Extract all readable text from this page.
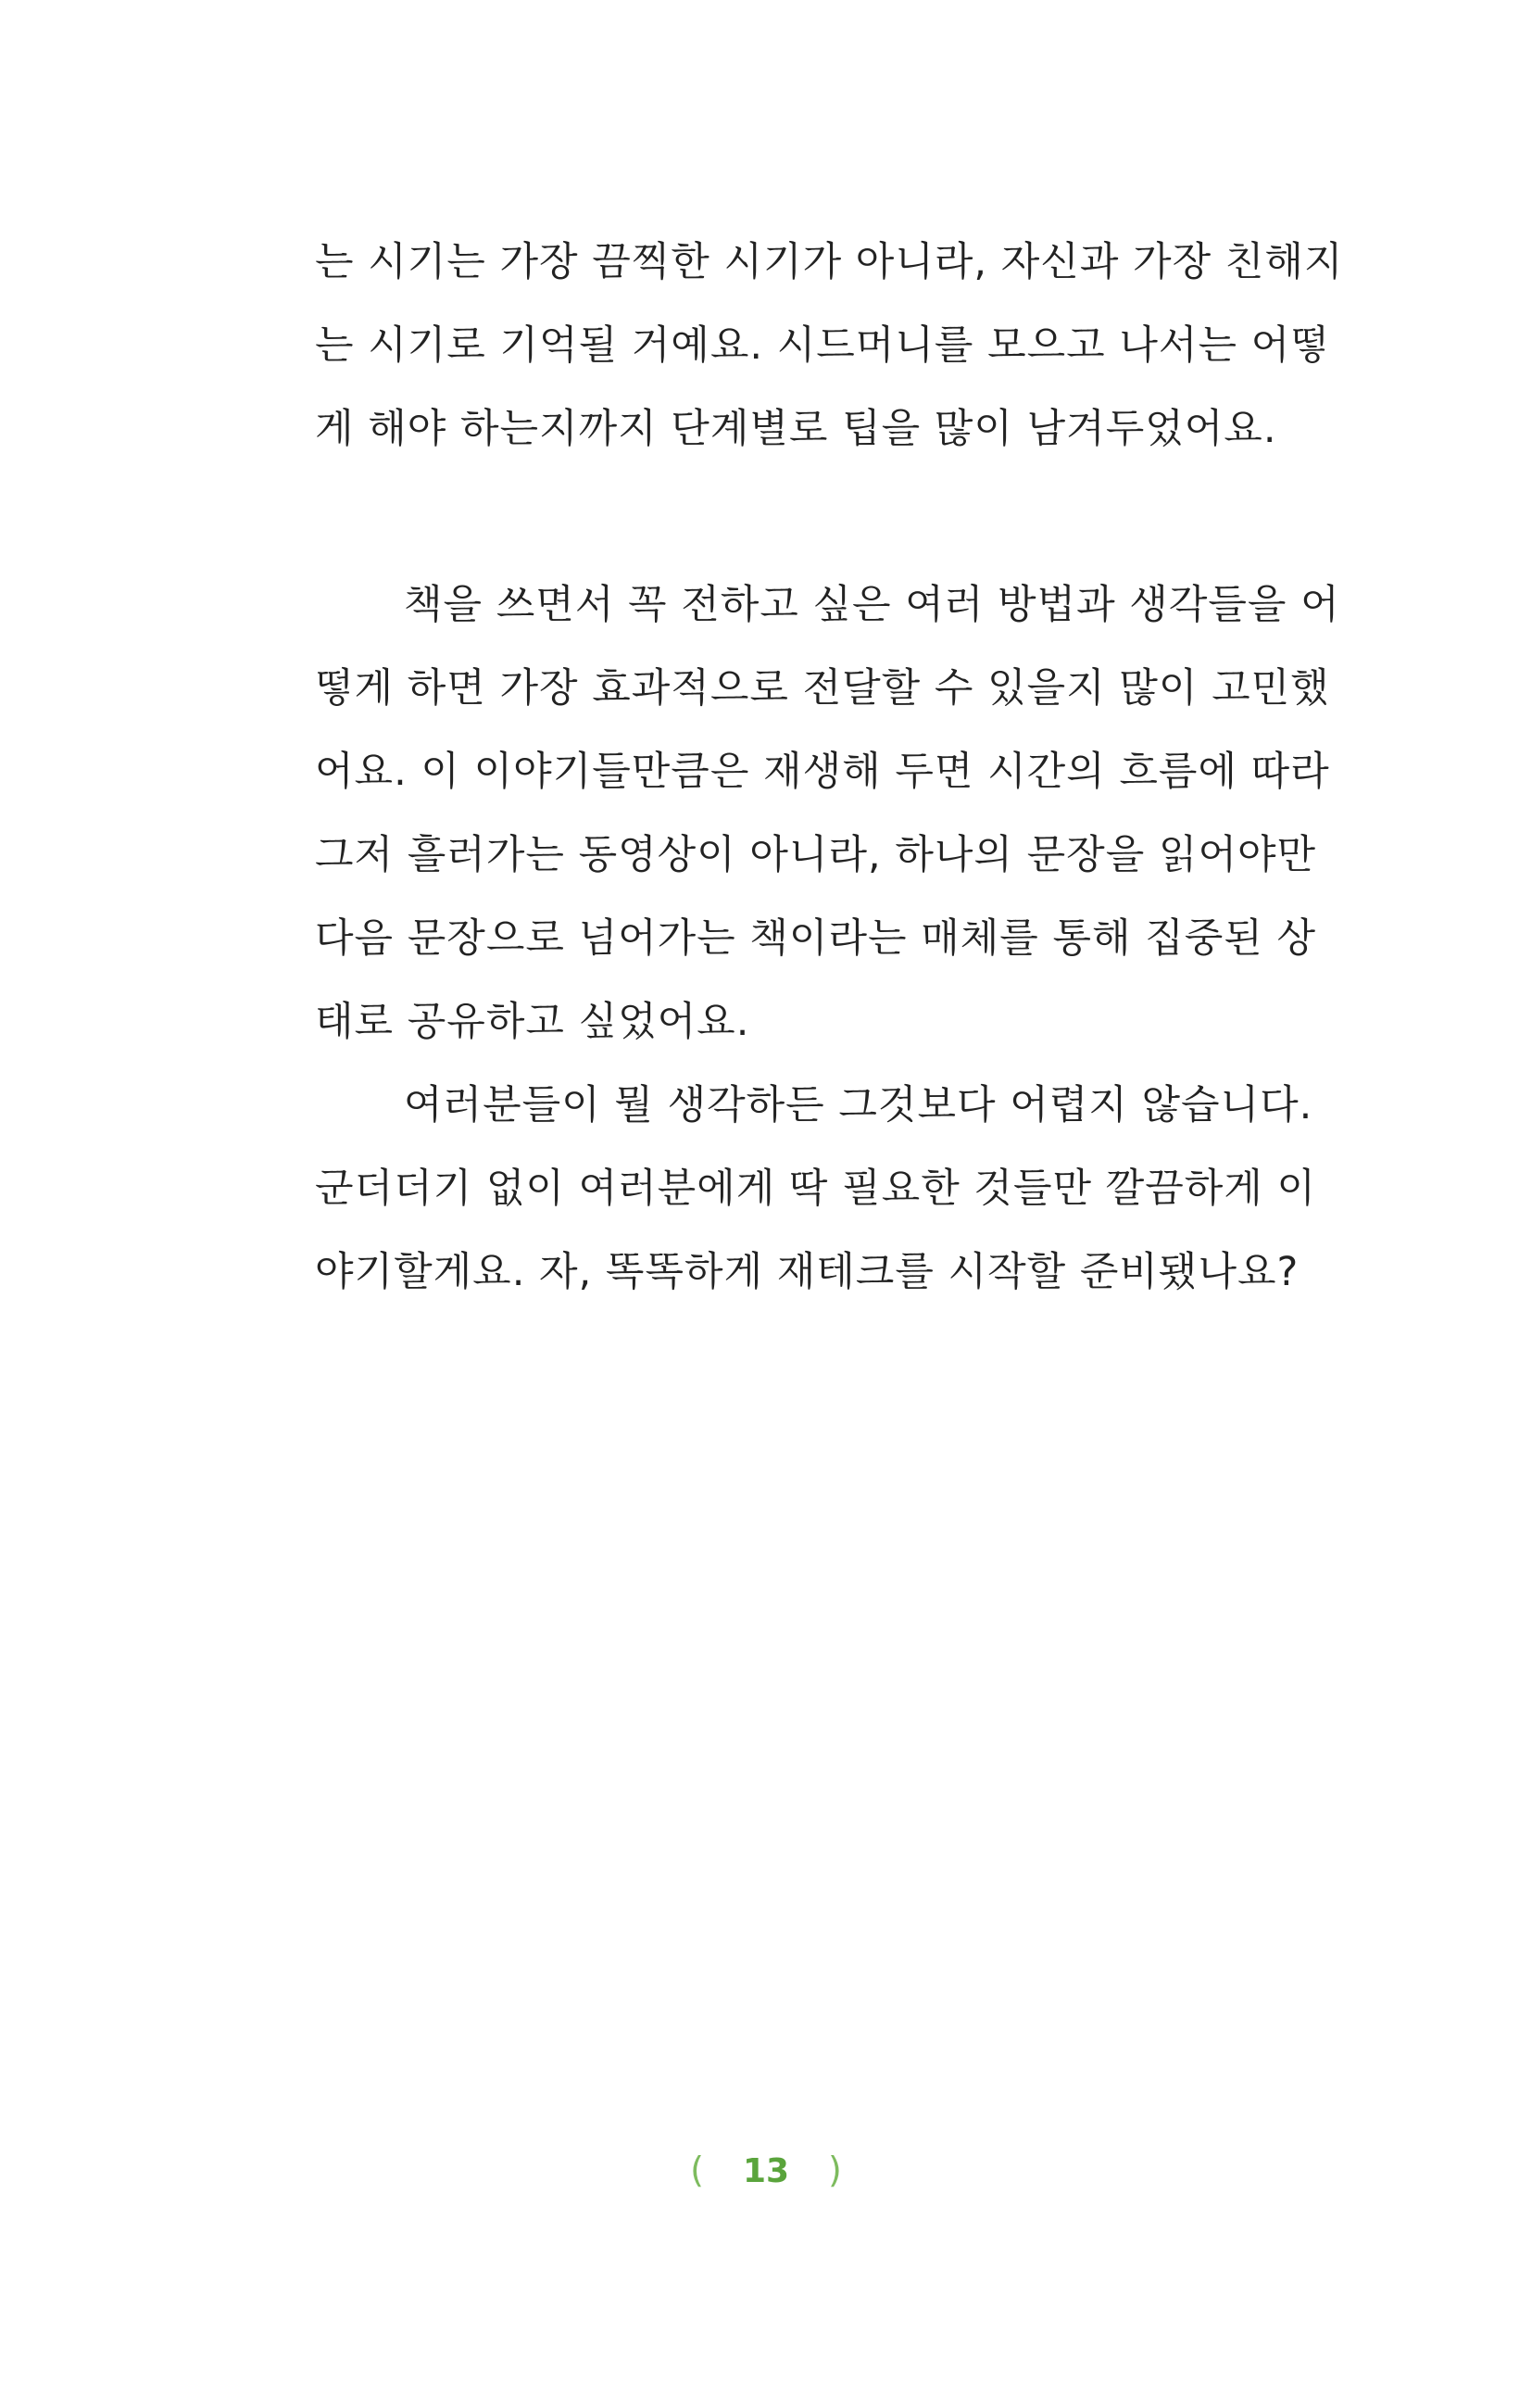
는 시기는 가장 끔찍한 시기가 아니라, 자신과 가장 친해지
는 시기로 기억될 거예요. 시드머니를 모으고 나서는 어떻
게 해야 하는지까지 단계별로 팁을 많이 남겨두었어요.
책을 쓰면서 꼭 전하고 싶은 여러 방법과 생각들을 어
떻게 하면 가장 효과적으로 전달할 수 있을지 많이 고민했
어요. 이 이야기들만큼은 재생해 두면 시간의 흐름에 따라
그저 흘러가는 동영상이 아니라, 하나의 문장을 읽어야만
다음 문장으로 넘어가는 책이라는 매체를 통해 집중된 상
태로 공유하고 싶었어요.
여러분들이 뭘 생각하든 그것보다 어렵지 않습니다.
군더더기 없이 여러분에게 딱 필요한 것들만 깔끔하게 이
야기할게요. 자, 똑똑하게 재테크를 시작할 준비됐나요?
( 13 )
